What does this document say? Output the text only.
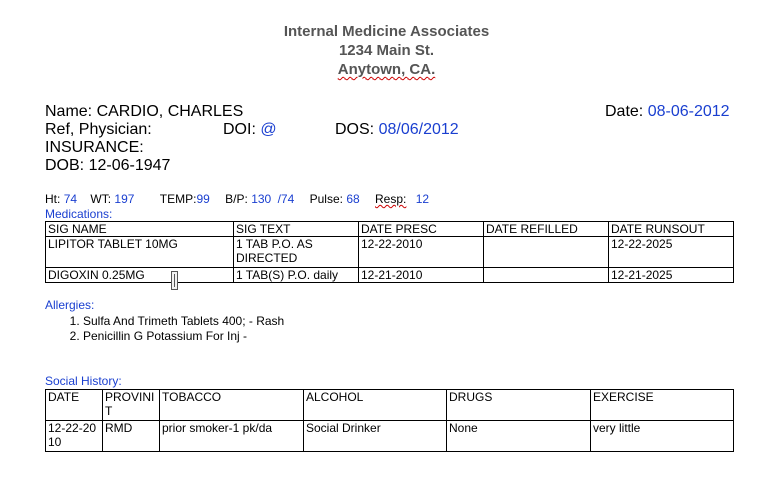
Internal Medicine Associates
1234 Main St.
Anytown, CA.
Name: CARDIO, CHARLES	Date: 08-06-2012
Ref, Physician:	DOI: @	DOS: 08/06/2012
INSURANCE:
DOB: 12-06-1947
Ht: 74 WT: 197 TEMP:99 B/P: 130 /74 Pulse: 68 Resp: 12
Medications:
SIG NAME	SIG TEXT	DATE PRESC	DATE REFILLED	DATE RUNSOUT
LIPITOR TABLET 10MG	1 TAB P.O. AS DIRECTED	12-22-2010		12-22-2025
DIGOXIN 0.25MG	1 TAB(S) P.O. daily	12-21-2010		12-21-2025
Allergies:
1. Sulfa And Trimeth Tablets 400; - Rash
2. Penicillin G Potassium For Inj -
Social History:
DATE	PROVINIT	TOBACCO	ALCOHOL	DRUGS	EXERCISE
12-22-2010	RMD	prior smoker-1 pk/da	Social Drinker	None	very little
